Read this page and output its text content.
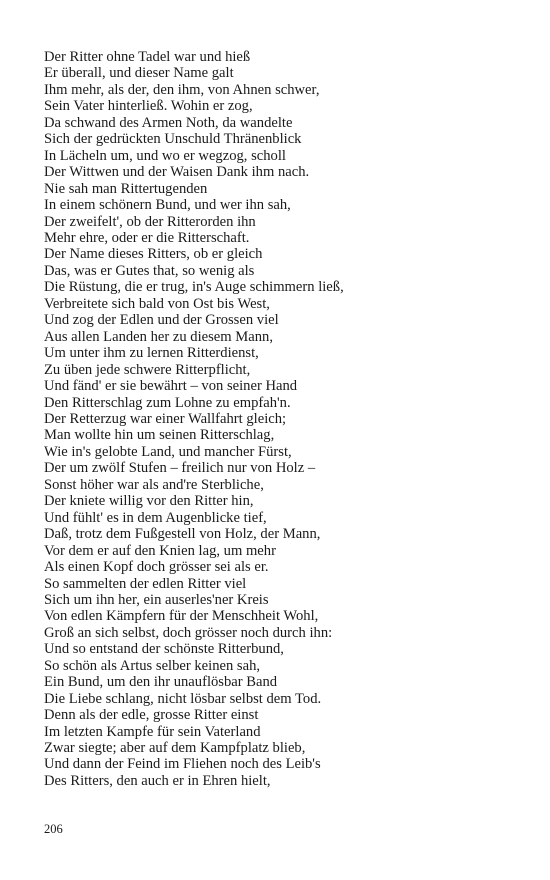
Der Ritter ohne Tadel war und hieß
Er überall, und dieser Name galt
Ihm mehr, als der, den ihm, von Ahnen schwer,
Sein Vater hinterließ. Wohin er zog,
Da schwand des Armen Noth, da wandelte
Sich der gedrückten Unschuld Thränenblick
In Lächeln um, und wo er wegzog, scholl
Der Wittwen und der Waisen Dank ihm nach.
Nie sah man Rittertugenden
In einem schönern Bund, und wer ihn sah,
Der zweifelt', ob der Ritterorden ihn
Mehr ehre, oder er die Ritterschaft.
Der Name dieses Ritters, ob er gleich
Das, was er Gutes that, so wenig als
Die Rüstung, die er trug, in's Auge schimmern ließ,
Verbreitete sich bald von Ost bis West,
Und zog der Edlen und der Grossen viel
Aus allen Landen her zu diesem Mann,
Um unter ihm zu lernen Ritterdienst,
Zu üben jede schwere Ritterpflicht,
Und fänd' er sie bewährt – von seiner Hand
Den Ritterschlag zum Lohne zu empfah'n.
Der Retterzug war einer Wallfahrt gleich;
Man wollte hin um seinen Ritterschlag,
Wie in's gelobte Land, und mancher Fürst,
Der um zwölf Stufen – freilich nur von Holz –
Sonst höher war als and're Sterbliche,
Der kniete willig vor den Ritter hin,
Und fühlt' es in dem Augenblicke tief,
Daß, trotz dem Fußgestell von Holz, der Mann,
Vor dem er auf den Knien lag, um mehr
Als einen Kopf doch grösser sei als er.
So sammelten der edlen Ritter viel
Sich um ihn her, ein auserles'ner Kreis
Von edlen Kämpfern für der Menschheit Wohl,
Groß an sich selbst, doch grösser noch durch ihn:
Und so entstand der schönste Ritterbund,
So schön als Artus selber keinen sah,
Ein Bund, um den ihr unauflösbar Band
Die Liebe schlang, nicht lösbar selbst dem Tod.
Denn als der edle, grosse Ritter einst
Im letzten Kampfe für sein Vaterland
Zwar siegte; aber auf dem Kampfplatz blieb,
Und dann der Feind im Fliehen noch des Leib's
Des Ritters, den auch er in Ehren hielt,
206
